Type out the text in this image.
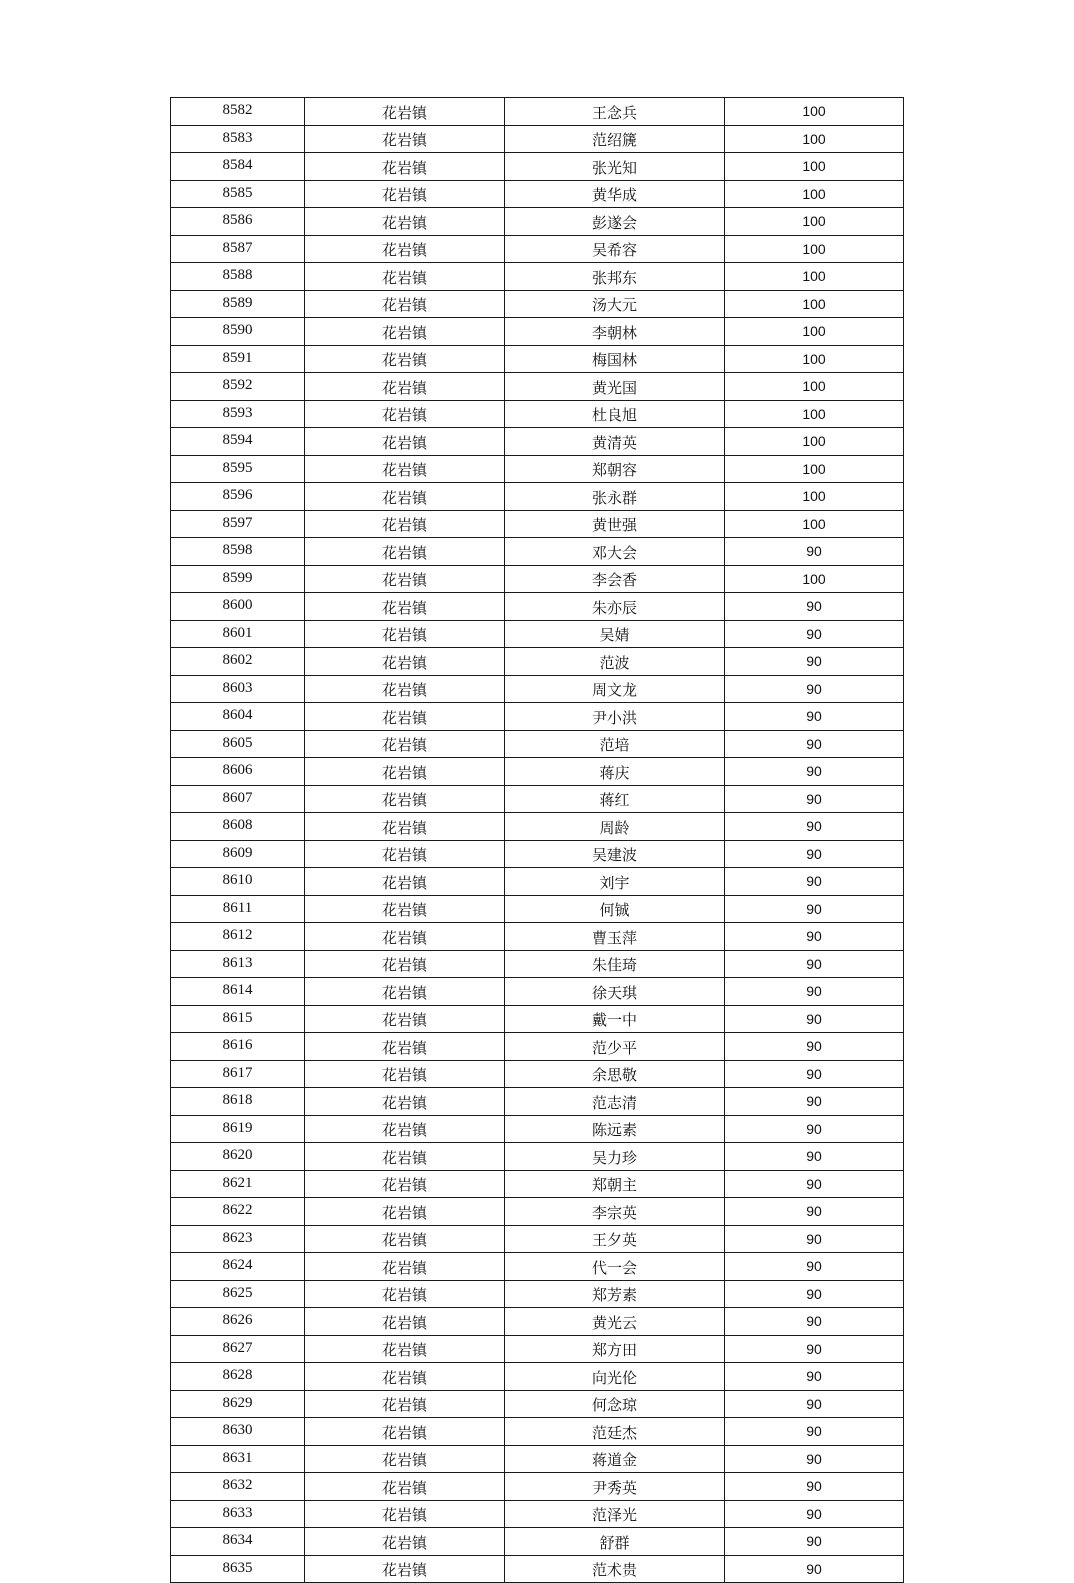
8582	花岩镇	王念兵	100
8583	花岩镇	范绍篪	100
8584	花岩镇	张光知	100
8585	花岩镇	黄华成	100
8586	花岩镇	彭遂会	100
8587	花岩镇	吴希容	100
8588	花岩镇	张邦东	100
8589	花岩镇	汤大元	100
8590	花岩镇	李朝林	100
8591	花岩镇	梅国林	100
8592	花岩镇	黄光国	100
8593	花岩镇	杜良旭	100
8594	花岩镇	黄清英	100
8595	花岩镇	郑朝容	100
8596	花岩镇	张永群	100
8597	花岩镇	黄世强	100
8598	花岩镇	邓大会	90
8599	花岩镇	李会香	100
8600	花岩镇	朱亦辰	90
8601	花岩镇	吴婧	90
8602	花岩镇	范波	90
8603	花岩镇	周文龙	90
8604	花岩镇	尹小洪	90
8605	花岩镇	范培	90
8606	花岩镇	蒋庆	90
8607	花岩镇	蒋红	90
8608	花岩镇	周龄	90
8609	花岩镇	吴建波	90
8610	花岩镇	刘宇	90
8611	花岩镇	何铖	90
8612	花岩镇	曹玉萍	90
8613	花岩镇	朱佳琦	90
8614	花岩镇	徐天琪	90
8615	花岩镇	戴一中	90
8616	花岩镇	范少平	90
8617	花岩镇	余思敬	90
8618	花岩镇	范志清	90
8619	花岩镇	陈远素	90
8620	花岩镇	吴力珍	90
8621	花岩镇	郑朝主	90
8622	花岩镇	李宗英	90
8623	花岩镇	王夕英	90
8624	花岩镇	代一会	90
8625	花岩镇	郑芳素	90
8626	花岩镇	黄光云	90
8627	花岩镇	郑方田	90
8628	花岩镇	向光伦	90
8629	花岩镇	何念琼	90
8630	花岩镇	范廷杰	90
8631	花岩镇	蒋道金	90
8632	花岩镇	尹秀英	90
8633	花岩镇	范泽光	90
8634	花岩镇	舒群	90
8635	花岩镇	范术贵	90
